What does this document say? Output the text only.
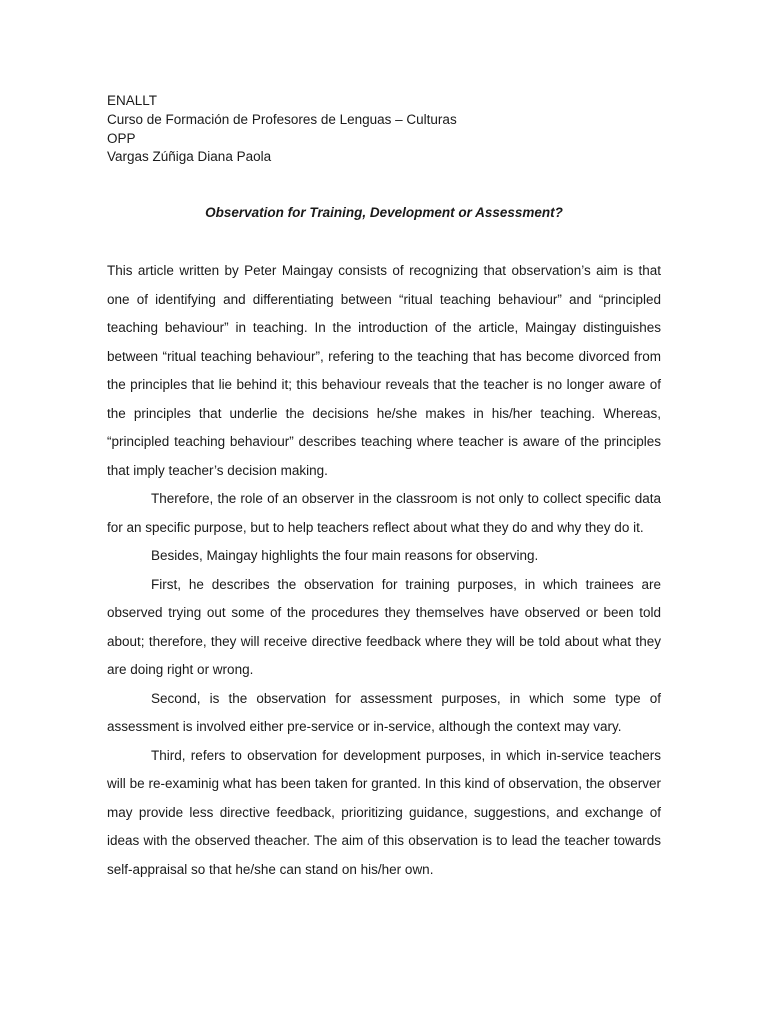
ENALLT
Curso de Formación de Profesores de Lenguas – Culturas
OPP
Vargas Zúñiga Diana Paola
Observation for Training, Development or Assessment?

This article written by Peter Maingay consists of recognizing that observation’s aim is that one of identifying and differentiating between “ritual teaching behaviour” and “principled teaching behaviour” in teaching. In the introduction of the article, Maingay distinguishes between “ritual teaching behaviour”, refering to the teaching that has become divorced from the principles that lie behind it; this behaviour reveals that the teacher is no longer aware of the principles that underlie the decisions he/she makes in his/her teaching. Whereas, “principled teaching behaviour” describes teaching where teacher is aware of the principles that imply teacher’s decision making.

Therefore, the role of an observer in the classroom is not only to collect specific data for an specific purpose, but to help teachers reflect about what they do and why they do it.

Besides, Maingay highlights the four main reasons for observing.

First, he describes the observation for training purposes, in which trainees are observed trying out some of the procedures they themselves have observed or been told about; therefore, they will receive directive feedback where they will be told about what they are doing right or wrong.

Second, is the observation for assessment purposes, in which some type of assessment is involved either pre-service or in-service, although the context may vary.

Third, refers to observation for development purposes, in which in-service teachers will be re-examinig what has been taken for granted. In this kind of observation, the observer may provide less directive feedback, prioritizing guidance, suggestions, and exchange of ideas with the observed theacher. The aim of this observation is to lead the teacher towards self-appraisal so that he/she can stand on his/her own.
